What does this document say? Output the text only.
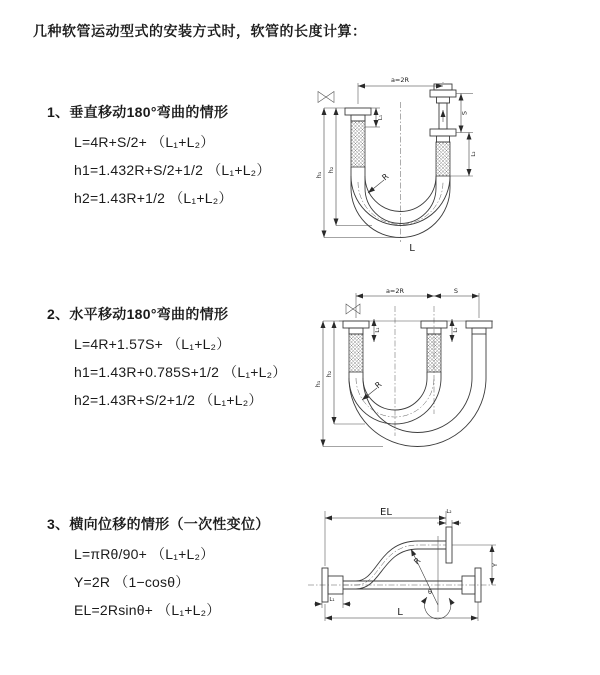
几种软管运动型式的安装方式时，软管的长度计算：
1、垂直移动180°弯曲的情形
L=4R+S/2+ （L₁+L₂）
h1=1.432R+S/2+1/2 （L₁+L₂）
h2=1.43R+1/2 （L₁+L₂）
a=2R
h₁
h₂
L₁
S
L₂
R
L
2、水平移动180°弯曲的情形
L=4R+1.57S+ （L₁+L₂）
h1=1.43R+0.785S+1/2 （L₁+L₂）
h2=1.43R+S/2+1/2 （L₁+L₂）
a=2R	S
h₁
h₂
L₁	L₂
R
3、横向位移的情形（一次性变位）
L=πRθ/90+ （L₁+L₂）
Y=2R （1−cosθ）
EL=2Rsinθ+ （L₁+L₂）
EL	L₂
Y
θ
R
L₁
L
